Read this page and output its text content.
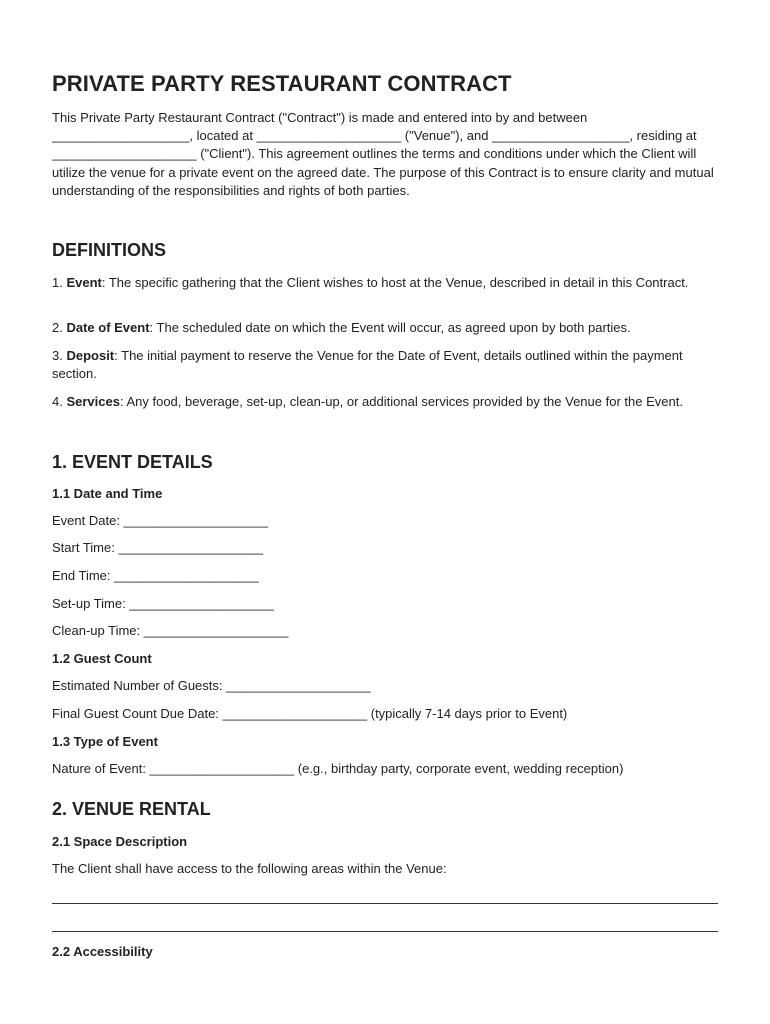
PRIVATE PARTY RESTAURANT CONTRACT

This Private Party Restaurant Contract ("Contract") is made and entered into by and between ___________________, located at ____________________ ("Venue"), and ___________________, residing at ____________________ ("Client"). This agreement outlines the terms and conditions under which the Client will utilize the venue for a private event on the agreed date. The purpose of this Contract is to ensure clarity and mutual understanding of the responsibilities and rights of both parties.

DEFINITIONS

1. Event: The specific gathering that the Client wishes to host at the Venue, described in detail in this Contract.

2. Date of Event: The scheduled date on which the Event will occur, as agreed upon by both parties.

3. Deposit: The initial payment to reserve the Venue for the Date of Event, details outlined within the payment section.

4. Services: Any food, beverage, set-up, clean-up, or additional services provided by the Venue for the Event.

1. EVENT DETAILS
1.1 Date and Time
Event Date: ____________________
Start Time: ____________________
End Time: ____________________
Set-up Time: ____________________
Clean-up Time: ____________________
1.2 Guest Count
Estimated Number of Guests: ____________________
Final Guest Count Due Date: ____________________ (typically 7-14 days prior to Event)
1.3 Type of Event
Nature of Event: ____________________ (e.g., birthday party, corporate event, wedding reception)
2. VENUE RENTAL
2.1 Space Description
The Client shall have access to the following areas within the Venue:
2.2 Accessibility
